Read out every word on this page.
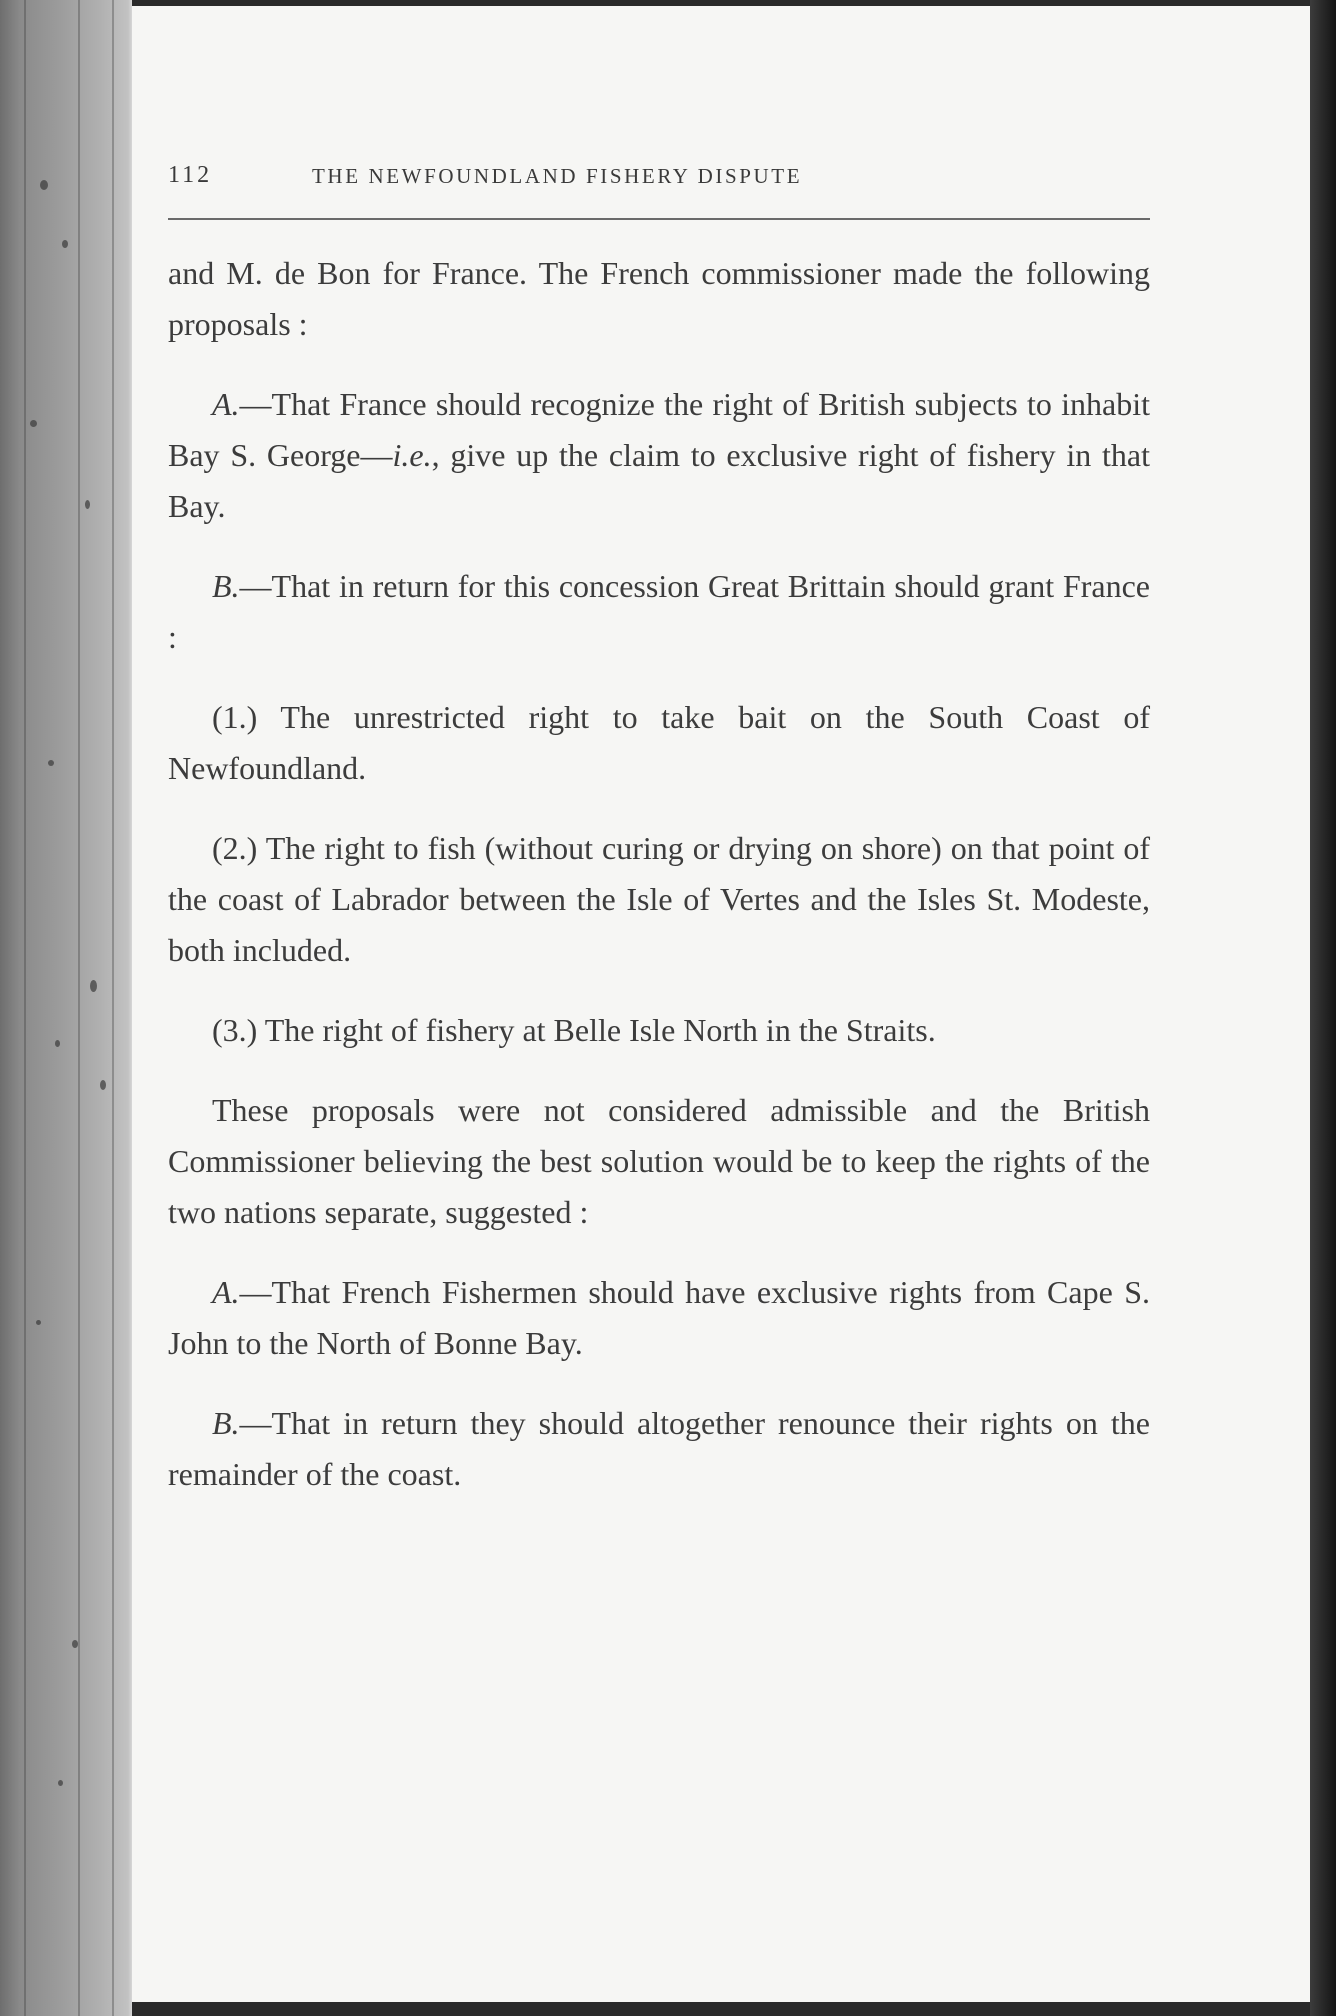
112	THE NEWFOUNDLAND FISHERY DISPUTE

and M. de Bon for France. The French commissioner made the following proposals :

A.—That France should recognize the right of British subjects to inhabit Bay S. George—i.e., give up the claim to exclusive right of fishery in that Bay.

B.—That in return for this concession Great Brittain should grant France :

(1.) The unrestricted right to take bait on the South Coast of Newfoundland.

(2.) The right to fish (without curing or drying on shore) on that point of the coast of Labrador between the Isle of Vertes and the Isles St. Modeste, both included.

(3.) The right of fishery at Belle Isle North in the Straits.

These proposals were not considered admissible and the British Commissioner believing the best solution would be to keep the rights of the two nations separate, suggested :

A.—That French Fishermen should have exclusive rights from Cape S. John to the North of Bonne Bay.

B.—That in return they should altogether renounce their rights on the remainder of the coast.
